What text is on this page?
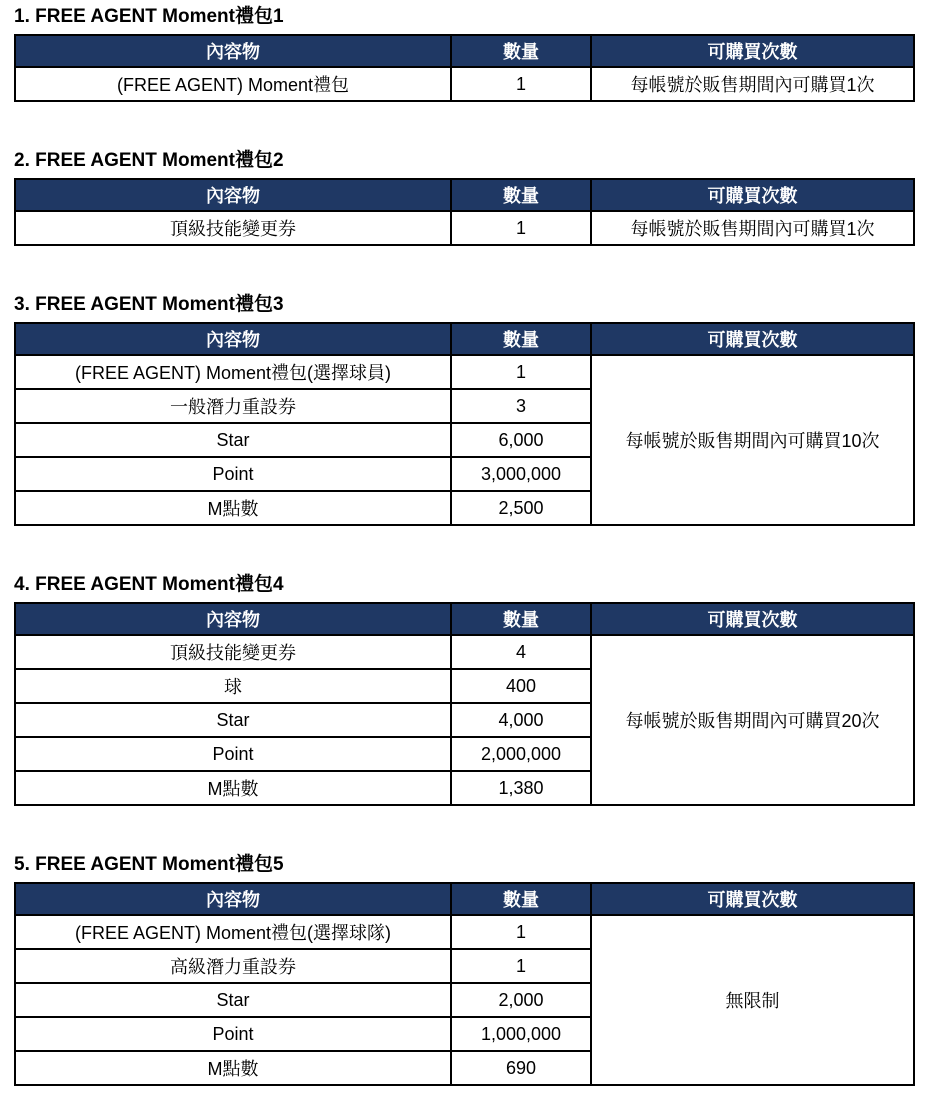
1. FREE AGENT Moment禮包1
內容物	數量	可購買次數
(FREE AGENT) Moment禮包	1	每帳號於販售期間內可購買1次
2. FREE AGENT Moment禮包2
內容物	數量	可購買次數
頂級技能變更券	1	每帳號於販售期間內可購買1次
3. FREE AGENT Moment禮包3
內容物	數量	可購買次數
(FREE AGENT) Moment禮包(選擇球員)	1	每帳號於販售期間內可購買10次
一般潛力重設券	3	
Star	6,000	
Point	3,000,000	
M點數	2,500	
4. FREE AGENT Moment禮包4
內容物	數量	可購買次數
頂級技能變更券	4	每帳號於販售期間內可購買20次
球	400	
Star	4,000	
Point	2,000,000	
M點數	1,380	
5. FREE AGENT Moment禮包5
內容物	數量	可購買次數
(FREE AGENT) Moment禮包(選擇球隊)	1	無限制
高級潛力重設券	1	
Star	2,000	
Point	1,000,000	
M點數	690	
